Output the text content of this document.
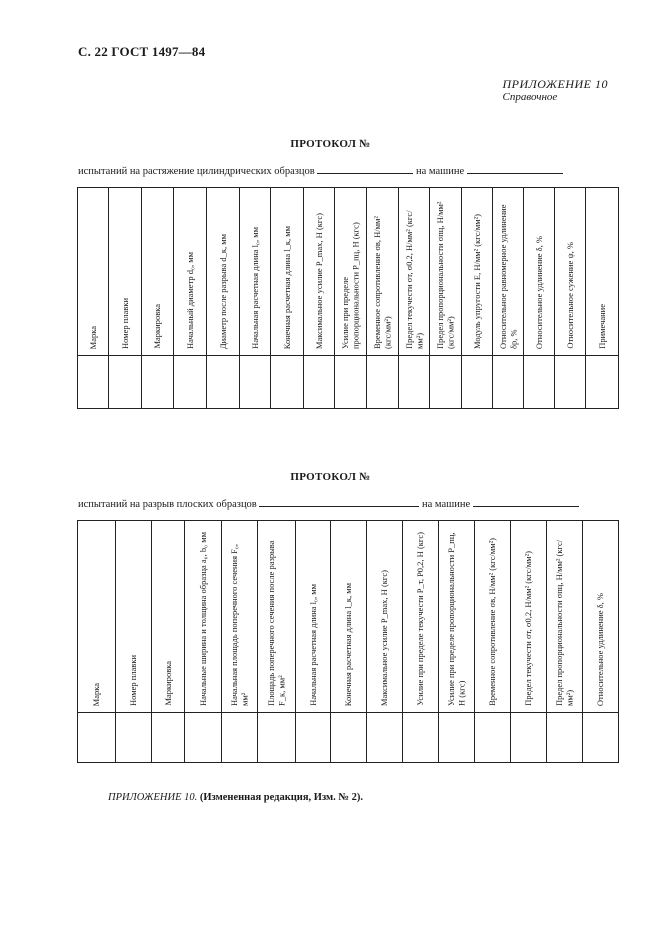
С. 22 ГОСТ 1497—84
ПРИЛОЖЕНИЕ 10
Справочное
ПРОТОКОЛ №
испытаний на растяжение цилиндрических образцов	на машине
Марка	Номер плавки	Маркировка	Начальный диаметр d₀, мм	Диаметр после разрыва d_к, мм	Начальная расчетная длина l₀, мм	Конечная расчетная длина l_к, мм	Максимальное усилие P_max, Н (кгс)	Усилие при пределе пропорциональности P_пц, Н (кгс)	Временное сопротивление σв, Н/мм² (кгс/мм²)	Предел текучести σт, σ0,2, Н/мм² (кгс/мм²)	Предел пропорциональности σпц, Н/мм² (кгс/мм²)	Модуль упругости E, Н/мм² (кгс/мм²)	Относительное равномерное удлинение δр, %	Относительное удлинение δ, %	Относительное сужение ψ, %	Примечание

ПРОТОКОЛ №
испытаний на разрыв плоских образцов	на машине
Марка	Номер плавки	Маркировка	Начальные ширина и толщина образца a₀, b₀ мм	Начальная площадь поперечного сечения F₀, мм²	Площадь поперечного сечения после разрыва F_к, мм²	Начальная расчетная длина l₀, мм	Конечная расчетная длина l_к, мм	Максимальное усилие P_max, Н (кгс)	Усилие при пределе текучести P_т, P0,2, Н (кгс)	Усилие при пределе пропорциональности P_пц, Н (кгс)	Временное сопротивление σв, Н/мм² (кгс/мм²)	Предел текучести σт, σ0,2, Н/мм² (кгс/мм²)	Предел пропорциональности σпц, Н/мм² (кгс/мм²)	Относительное удлинение δ, %

ПРИЛОЖЕНИЕ 10. (Измененная редакция, Изм. № 2).
